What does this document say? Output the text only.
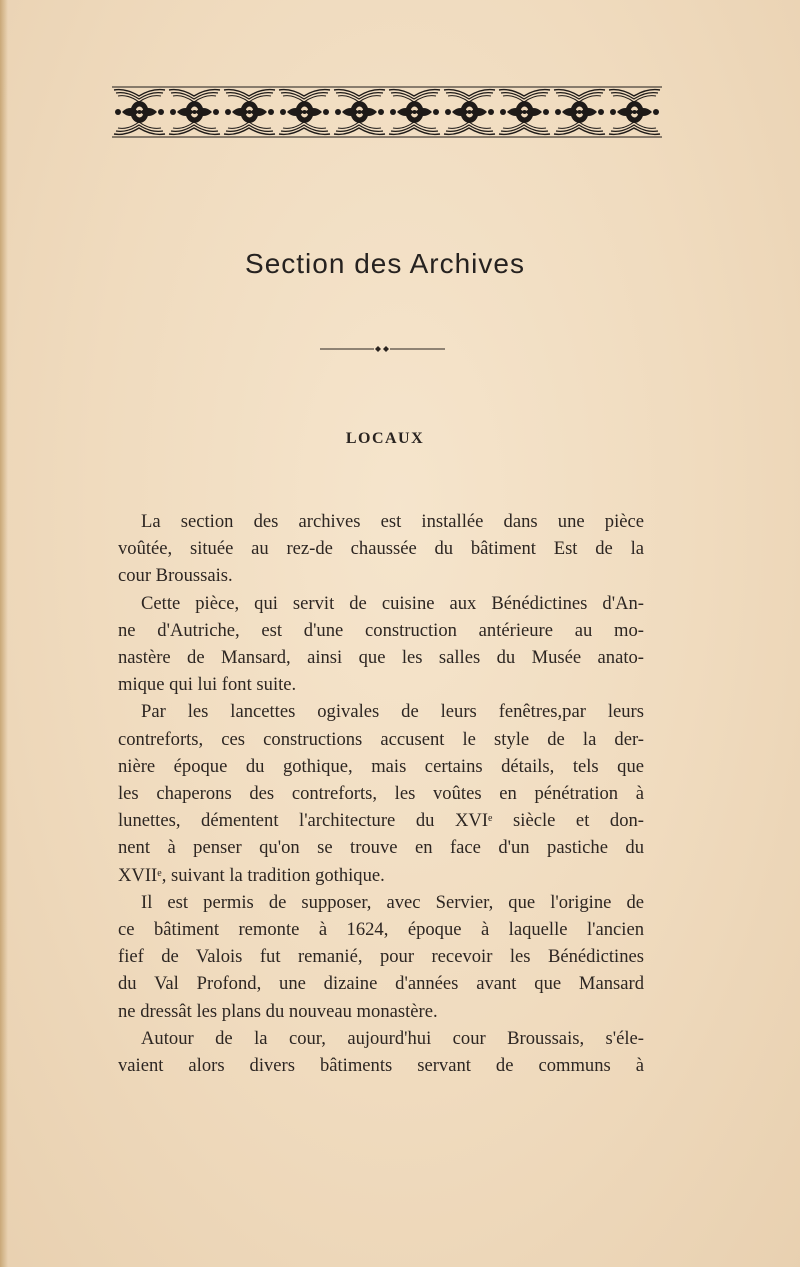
Section des Archives
LOCAUX

La section des archives est installée dans une pièce
voûtée, située au rez-de chaussée du bâtiment Est de la
cour Broussais.

Cette pièce, qui servit de cuisine aux Bénédictines d'An-
ne d'Autriche, est d'une construction antérieure au mo-
nastère de Mansard, ainsi que les salles du Musée anato-
mique qui lui font suite.

Par les lancettes ogivales de leurs fenêtres,par leurs
contreforts, ces constructions accusent le style de la der-
nière époque du gothique, mais certains détails, tels que
les chaperons des contreforts, les voûtes en pénétration à
lunettes, démentent l'architecture du XVIe siècle et don-
nent à penser qu'on se trouve en face d'un pastiche du
XVIIe, suivant la tradition gothique.

Il est permis de supposer, avec Servier, que l'origine de
ce bâtiment remonte à 1624, époque à laquelle l'ancien
fief de Valois fut remanié, pour recevoir les Bénédictines
du Val Profond, une dizaine d'années avant que Mansard
ne dressât les plans du nouveau monastère.

Autour de la cour, aujourd'hui cour Broussais, s'éle-
vaient alors divers bâtiments servant de communs à
